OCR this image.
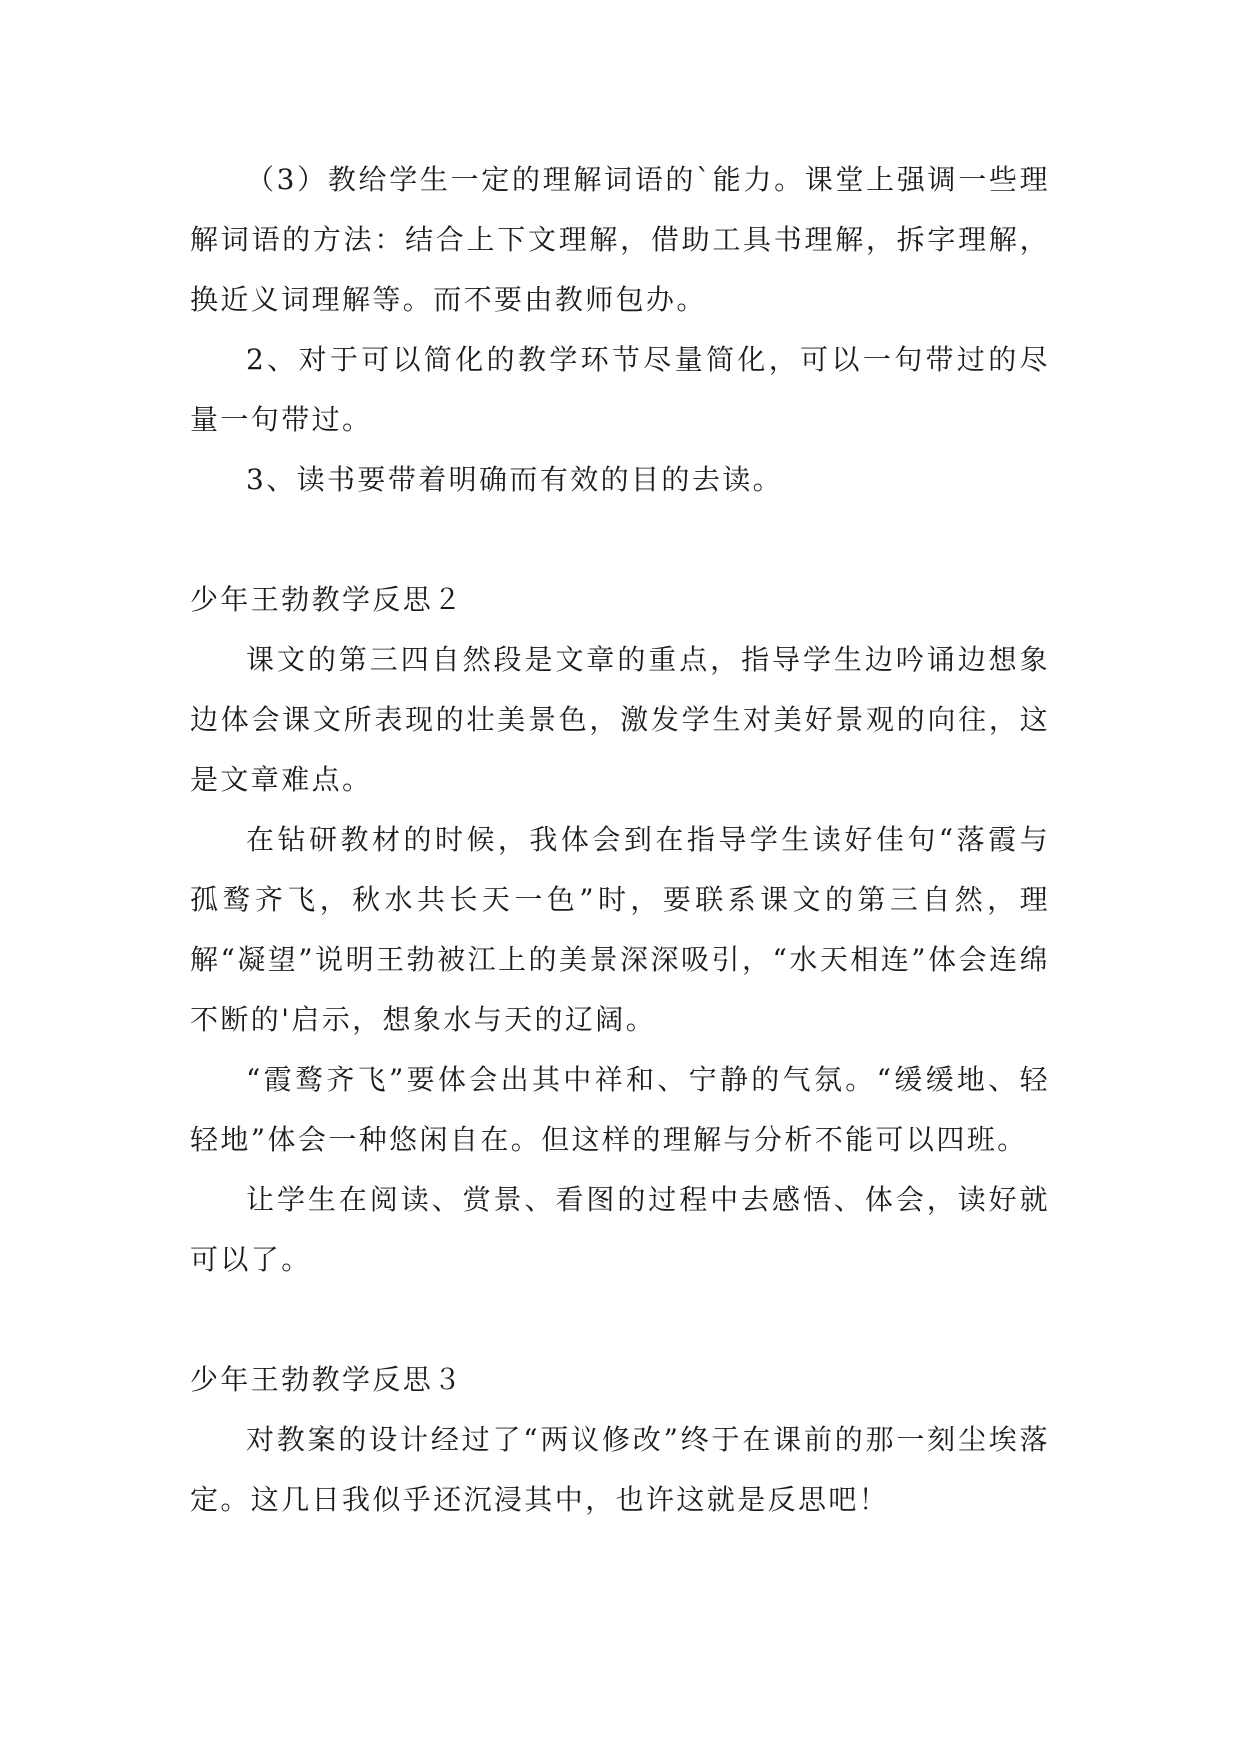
（3）教给学生一定的理解词语的`能力。课堂上强调一些理解词语的方法：结合上下文理解，借助工具书理解，拆字理解，换近义词理解等。而不要由教师包办。

2、对于可以简化的教学环节尽量简化，可以一句带过的尽量一句带过。

3、读书要带着明确而有效的目的去读。

少年王勃教学反思２

课文的第三四自然段是文章的重点，指导学生边吟诵边想象边体会课文所表现的壮美景色，激发学生对美好景观的向往，这是文章难点。

在钻研教材的时候，我体会到在指导学生读好佳句“落霞与孤鹜齐飞，秋水共长天一色”时，要联系课文的第三自然，理解“凝望”说明王勃被江上的美景深深吸引，“水天相连”体会连绵不断的'启示，想象水与天的辽阔。

“霞鹜齐飞”要体会出其中祥和、宁静的气氛。“缓缓地、轻轻地”体会一种悠闲自在。但这样的理解与分析不能可以四班。

让学生在阅读、赏景、看图的过程中去感悟、体会，读好就可以了。

少年王勃教学反思３

对教案的设计经过了“两议修改”终于在课前的那一刻尘埃落定。这几日我似乎还沉浸其中，也许这就是反思吧！
